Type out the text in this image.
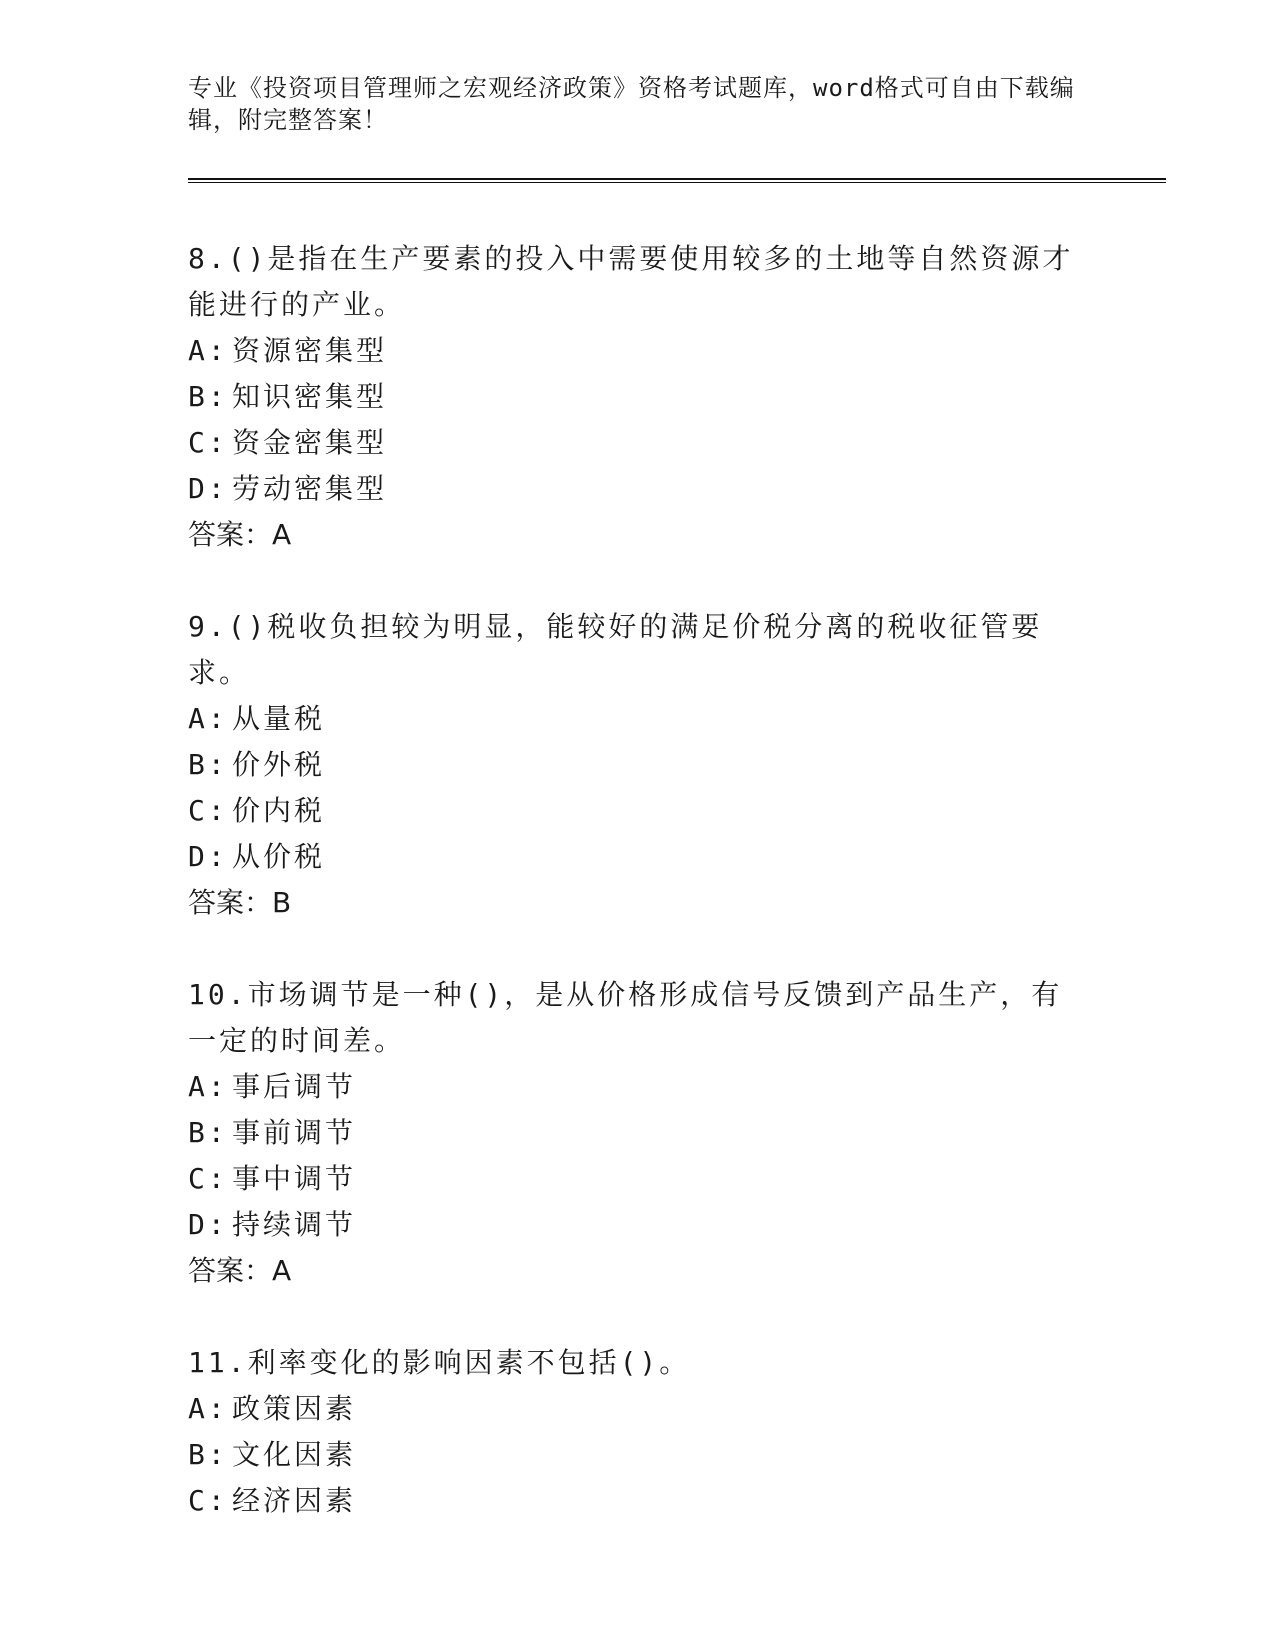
专业《投资项目管理师之宏观经济政策》资格考试题库，word格式可自由下载编辑，附完整答案！
8.()是指在生产要素的投入中需要使用较多的土地等自然资源才能进行的产业。
A: 资源密集型
B: 知识密集型
C: 资金密集型
D: 劳动密集型
答案：A
9.()税收负担较为明显，能较好的满足价税分离的税收征管要求。
A: 从量税
B: 价外税
C: 价内税
D: 从价税
答案：B
10.市场调节是一种()，是从价格形成信号反馈到产品生产，有一定的时间差。
A: 事后调节
B: 事前调节
C: 事中调节
D: 持续调节
答案：A
11.利率变化的影响因素不包括()。
A: 政策因素
B: 文化因素
C: 经济因素
